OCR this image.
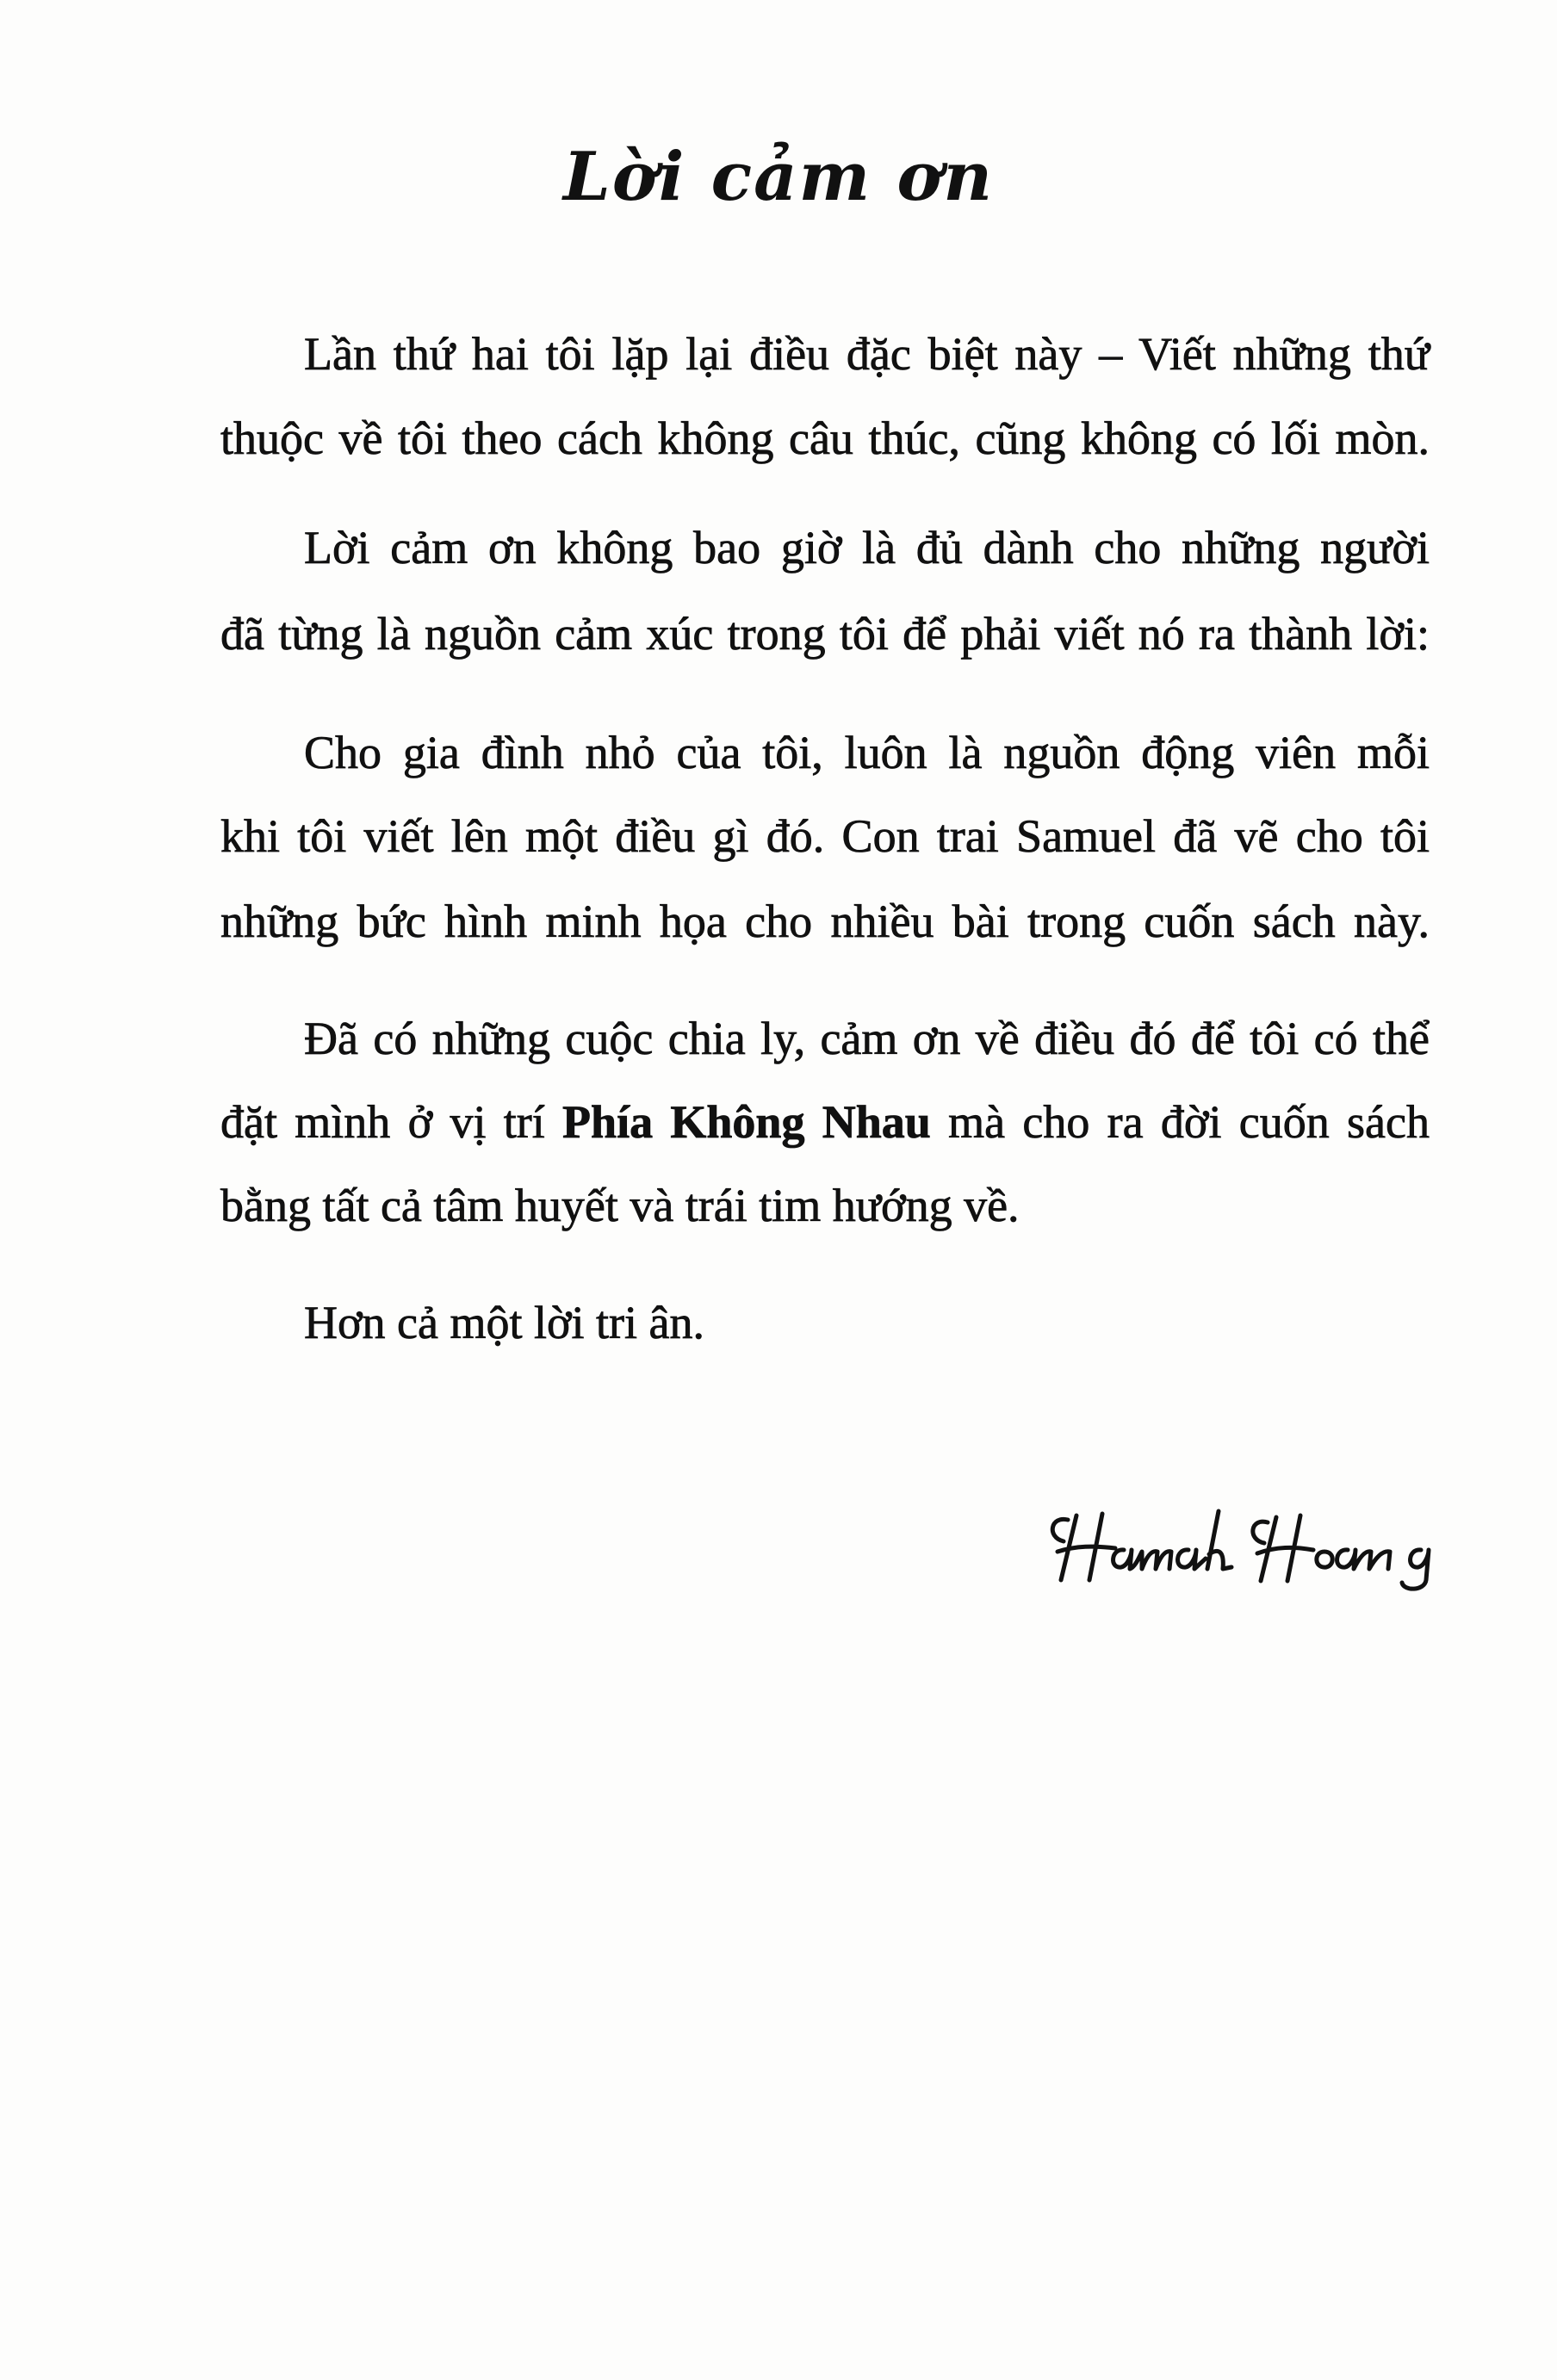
Lời cảm ơn
Lần thứ hai tôi lặp lại điều đặc biệt này – Viết những thứ
thuộc về tôi theo cách không câu thúc, cũng không có lối mòn.
Lời cảm ơn không bao giờ là đủ dành cho những người
đã từng là nguồn cảm xúc trong tôi để phải viết nó ra thành lời:
Cho gia đình nhỏ của tôi, luôn là nguồn động viên mỗi
khi tôi viết lên một điều gì đó. Con trai Samuel đã vẽ cho tôi
những bức hình minh họa cho nhiều bài trong cuốn sách này.
Đã có những cuộc chia ly, cảm ơn về điều đó để tôi có thể
đặt mình ở vị trí Phía Không Nhau mà cho ra đời cuốn sách
bằng tất cả tâm huyết và trái tim hướng về.
Hơn cả một lời tri ân.
